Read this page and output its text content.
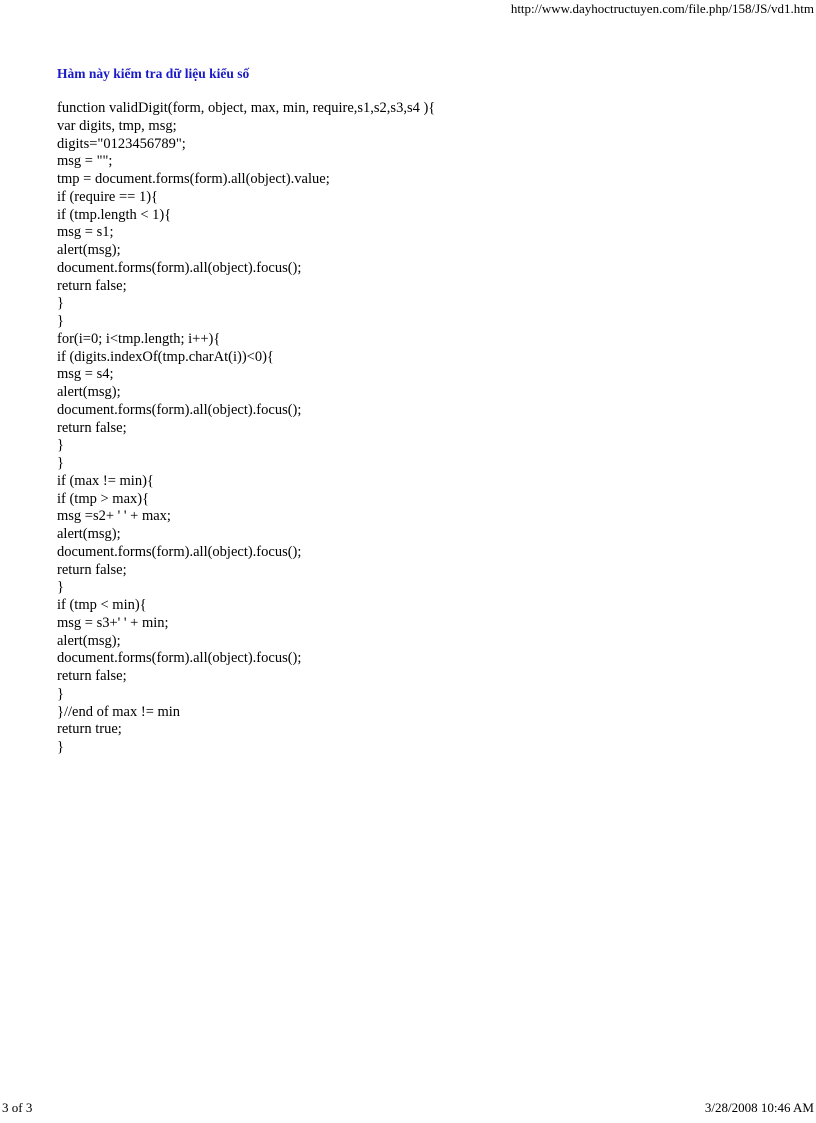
http://www.dayhoctructuyen.com/file.php/158/JS/vd1.htm
Hàm này kiểm tra dữ liệu kiểu số
function validDigit(form, object, max, min, require,s1,s2,s3,s4 ){
var digits, tmp, msg;
digits="0123456789";
msg = "";
tmp = document.forms(form).all(object).value;
if (require == 1){
if (tmp.length < 1){
msg = s1;
alert(msg);
document.forms(form).all(object).focus();
return false;
}
}
for(i=0; i<tmp.length; i++){
if (digits.indexOf(tmp.charAt(i))<0){
msg = s4;
alert(msg);
document.forms(form).all(object).focus();
return false;
}
}
if (max != min){
if (tmp > max){
msg =s2+ ' ' + max;
alert(msg);
document.forms(form).all(object).focus();
return false;
}
if (tmp < min){
msg = s3+' ' + min;
alert(msg);
document.forms(form).all(object).focus();
return false;
}
}//end of max != min
return true;
}
3 of 3	3/28/2008 10:46 AM
